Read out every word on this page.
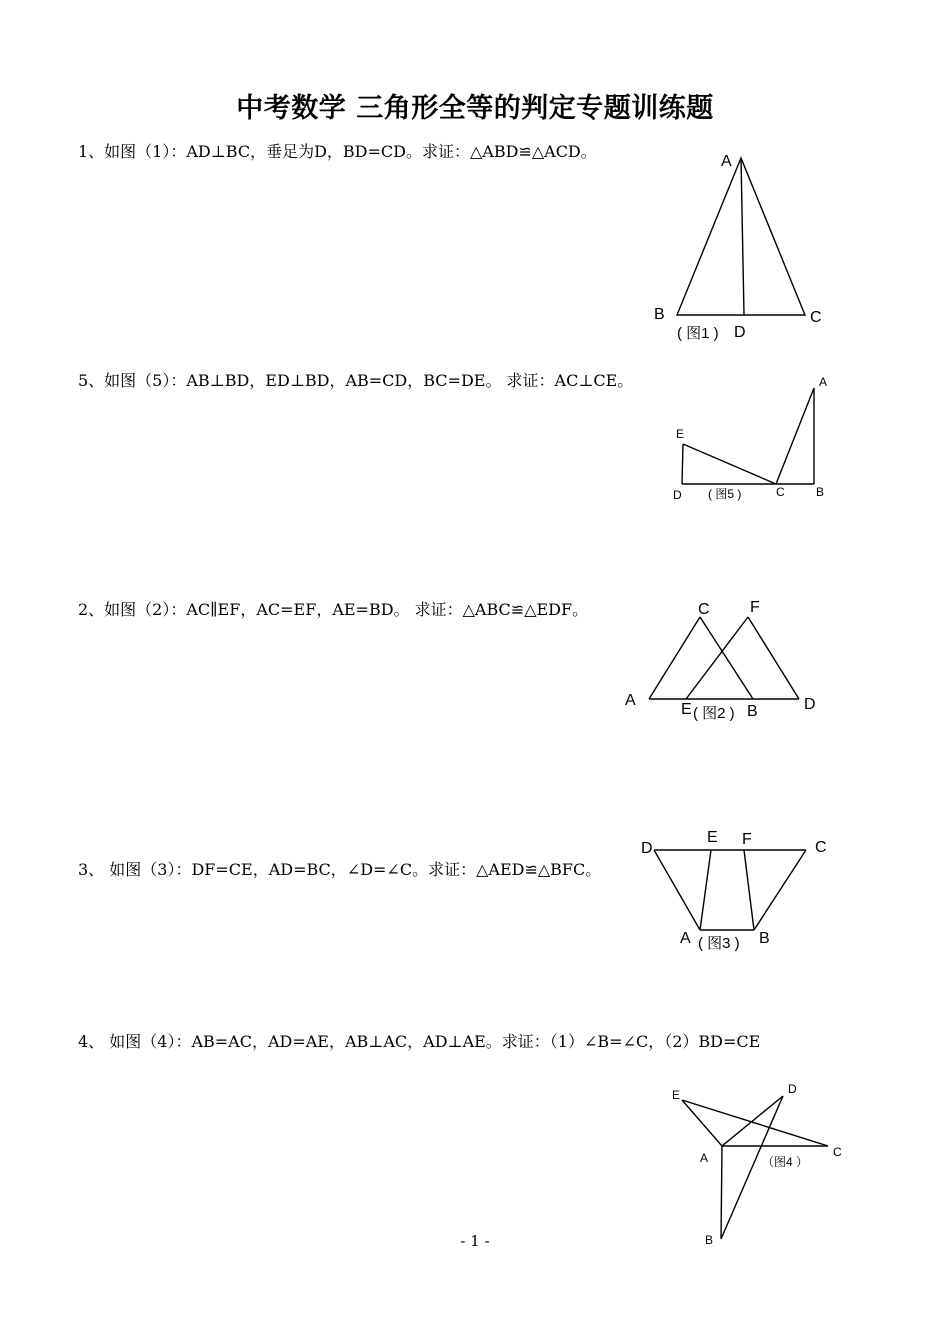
中考数学 三角形全等的判定专题训练题
1、如图（1）：AD⊥BC，垂足为D，BD=CD。求证：△ABD≌△ACD。
A
B	C
D
( 图1 )
5、如图（5）：AB⊥BD，ED⊥BD，AB=CD，BC=DE。 求证：AC⊥CE。	A
E
D	C	B
( 图5 )
2、如图（2）：AC∥EF，AC=EF，AE=BD。 求证：△ABC≌△EDF。	C	F
A
E	B	D
( 图2 )
3、 如图（3）：DF=CE，AD=BC，∠D=∠C。求证：△AED≌△BFC。
D
E F	C
A	B
( 图3 )
4、 如图（4）：AB=AC，AD=AE，AB⊥AC，AD⊥AE。求证：（1）∠B=∠C，（2）BD=CE
E	D
C
A
B
（图4 ）
- 1 -
